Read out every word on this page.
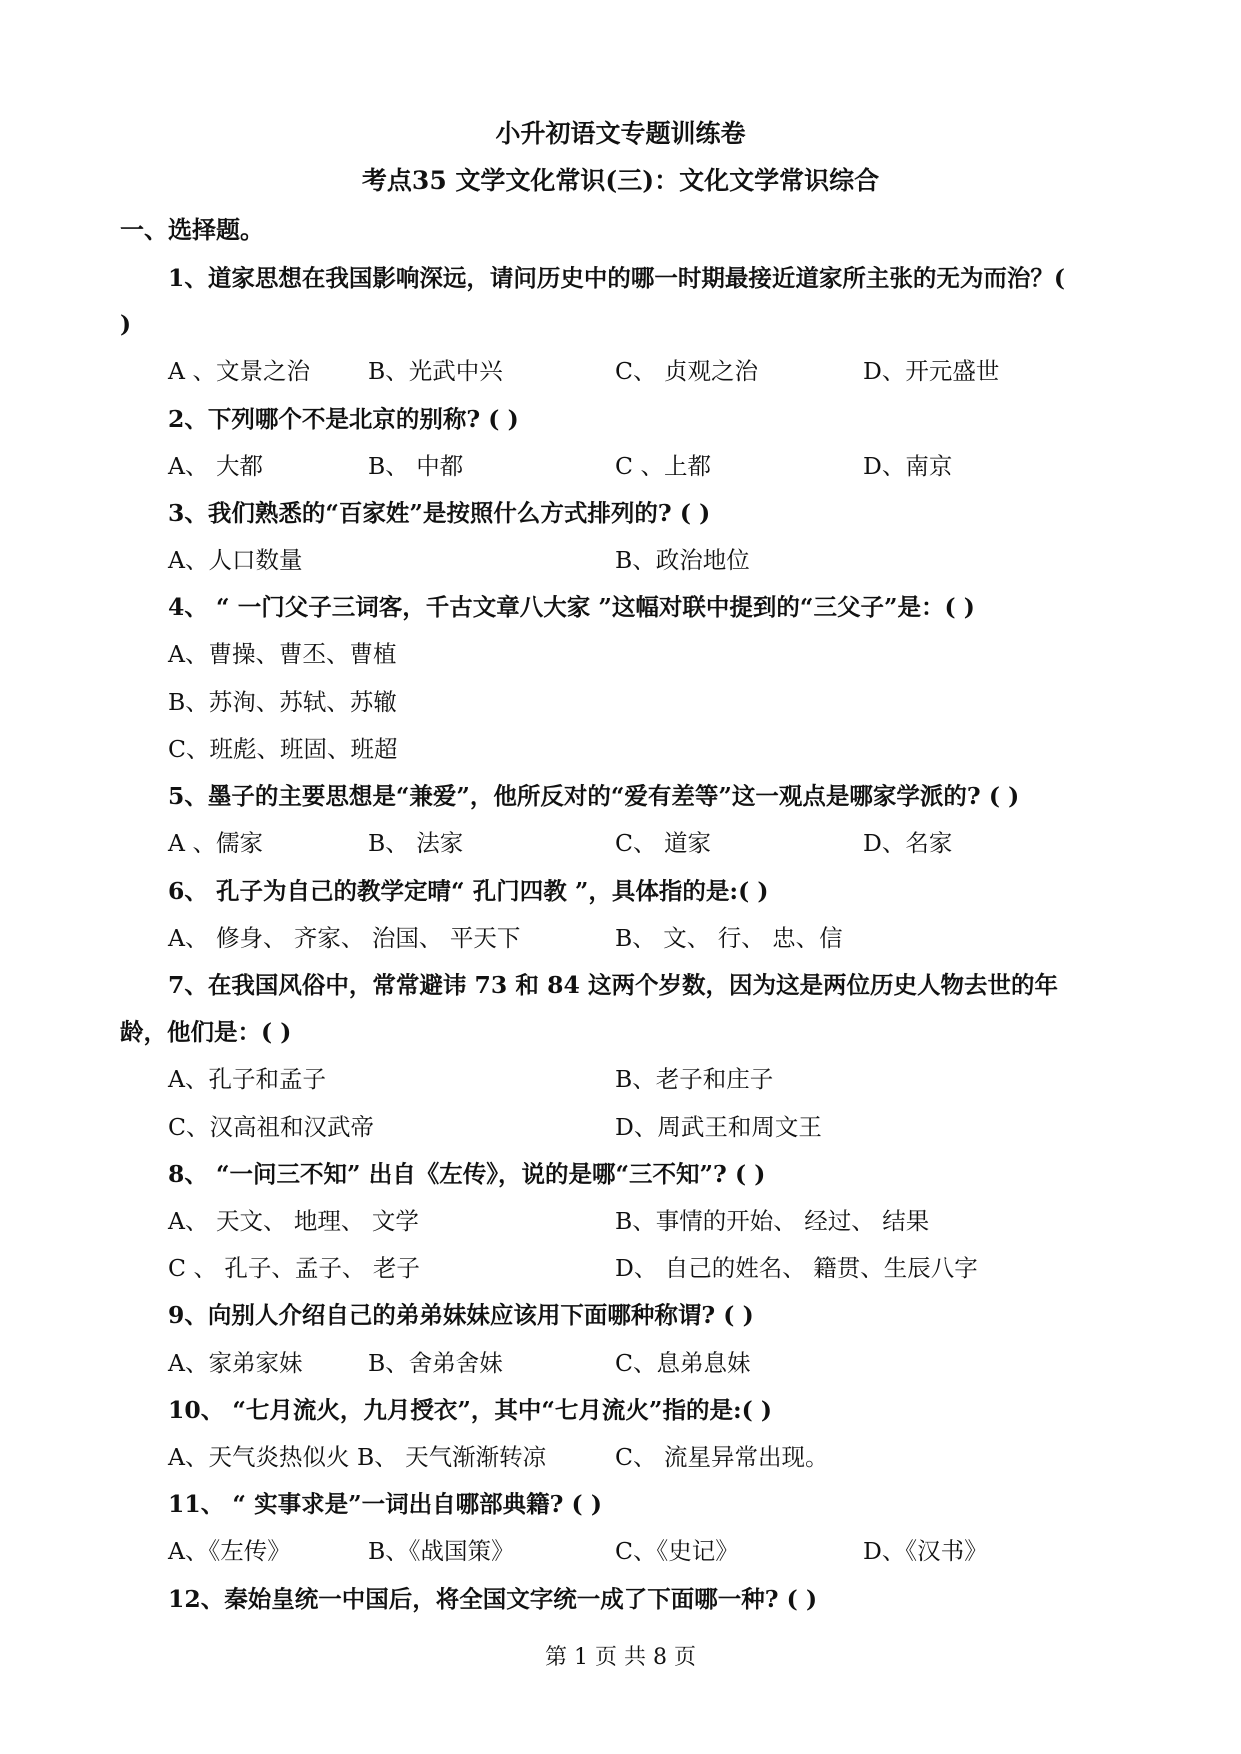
小升初语文专题训练卷
考点35 文学文化常识(三)：文化文学常识综合
一、选择题。
1、道家思想在我国影响深远，请问历史中的哪一时期最接近道家所主张的无为而治？(
)
A 、文景之治 B、光武中兴	C、 贞观之治	D、开元盛世
2、下列哪个不是北京的别称? ( )
A、 大都	B、 中都	C 、上都	D、南京
3、我们熟悉的“百家姓”是按照什么方式排列的? ( )
A、人口数量	B、政治地位
4、 “ 一门父子三词客，千古文章八大家 ”这幅对联中提到的“三父子”是：( )
A、曹操、曹丕、曹植
B、苏洵、苏轼、苏辙
C、班彪、班固、班超
5、墨子的主要思想是“兼爱”，他所反对的“爱有差等”这一观点是哪家学派的? ( )
A 、儒家	B、 法家	C、 道家	D、名家
6、 孔子为自己的教学定晴“ 孔门四教 ”，具体指的是:( )
A、 修身、 齐家、 治国、 平天下	B、 文、 行、 忠、信
7、在我国风俗中，常常避讳 73 和 84 这两个岁数，因为这是两位历史人物去世的年
龄，他们是：( )
A、孔子和孟子	B、老子和庄子
C、汉高祖和汉武帝	D、周武王和周文王
8、 “一问三不知” 出自《左传》，说的是哪“三不知”? ( )
A、 天文、 地理、 文学	B、事情的开始、 经过、 结果
C 、 孔子、孟子、 老子	D、 自己的姓名、 籍贯、生辰八字
9、向别人介绍自己的弟弟妹妹应该用下面哪种称谓? ( )
A、家弟家妹	B、舍弟舍妹	C、息弟息妹
10、 “七月流火，九月授衣”，其中“七月流火”指的是:( )
A、天气炎热似火 B、 天气渐渐转凉	C、 流星异常出现。
11、 “ 实事求是”一词出自哪部典籍? ( )
A、《左传》	B、《战国策》	C、《史记》	D、《汉书》
12、秦始皇统一中国后，将全国文字统一成了下面哪一种? ( )
第 1 页 共 8 页
